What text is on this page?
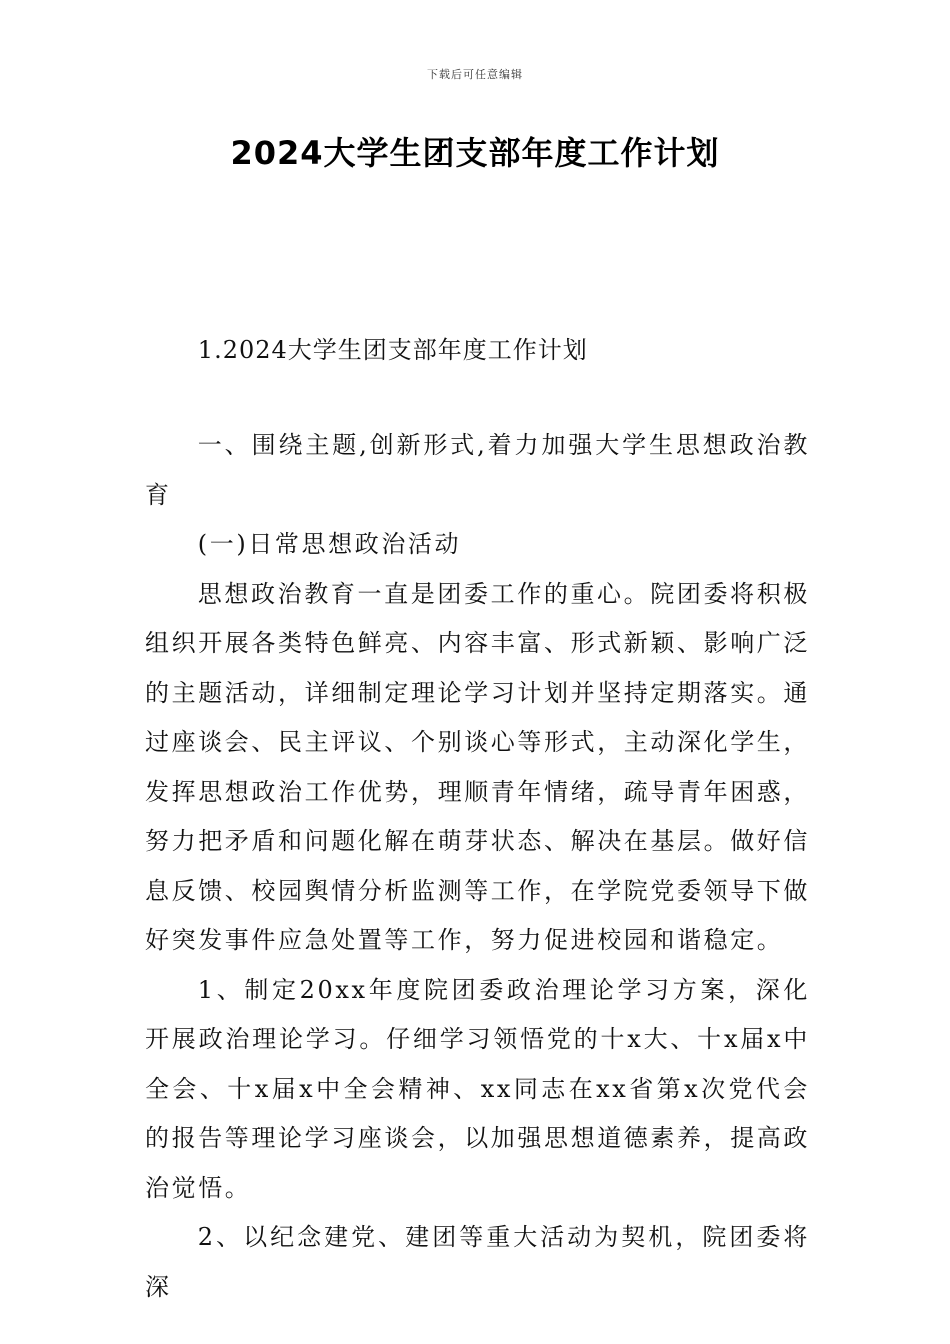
下载后可任意编辑
2024大学生团支部年度工作计划
1.2024大学生团支部年度工作计划

一、围绕主题,创新形式,着力加强大学生思想政治教育

(一)日常思想政治活动

思想政治教育一直是团委工作的重心。院团委将积极组织开展各类特色鲜亮、内容丰富、形式新颖、影响广泛的主题活动，详细制定理论学习计划并坚持定期落实。通过座谈会、民主评议、个别谈心等形式，主动深化学生，发挥思想政治工作优势，理顺青年情绪，疏导青年困惑，努力把矛盾和问题化解在萌芽状态、解决在基层。做好信息反馈、校园舆情分析监测等工作，在学院党委领导下做好突发事件应急处置等工作，努力促进校园和谐稳定。

1、制定20xx年度院团委政治理论学习方案，深化开展政治理论学习。仔细学习领悟党的十x大、十x届x中全会、十x届x中全会精神、xx同志在xx省第x次党代会的报告等理论学习座谈会，以加强思想道德素养，提高政治觉悟。

2、以纪念建党、建团等重大活动为契机，院团委将深
